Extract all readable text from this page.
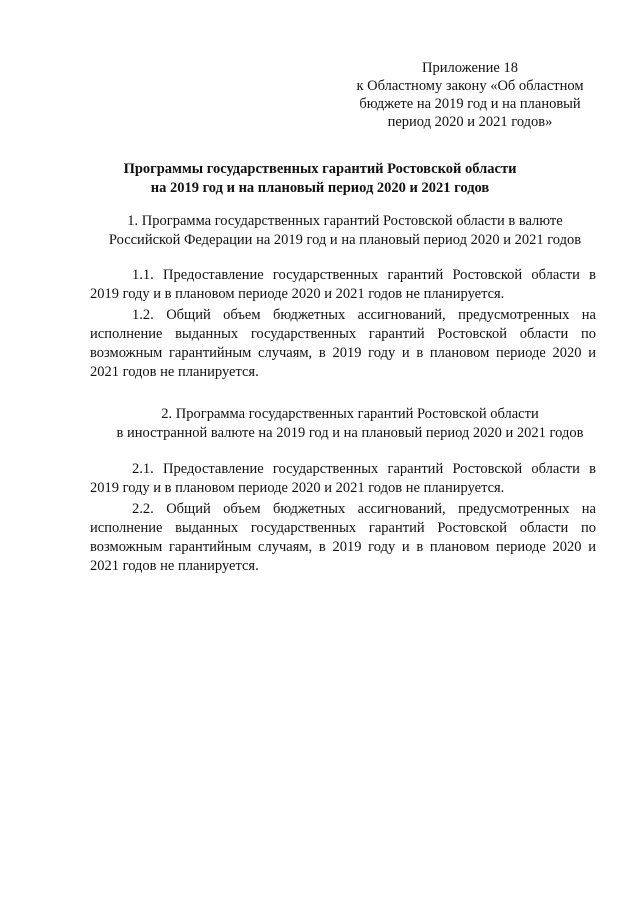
Приложение 18
к Областному закону «Об областном
бюджете на 2019 год и на плановый
период 2020 и 2021 годов»
Программы государственных гарантий Ростовской области
на 2019 год и на плановый период 2020 и 2021 годов
1. Программа государственных гарантий Ростовской области в валюте
Российской Федерации на 2019 год и на плановый период 2020 и 2021 годов
1.1. Предоставление государственных гарантий Ростовской области в
2019 году и в плановом периоде 2020 и 2021 годов не планируется.
1.2. Общий объем бюджетных ассигнований, предусмотренных на
исполнение выданных государственных гарантий Ростовской области по
возможным гарантийным случаям, в 2019 году и в плановом периоде 2020 и
2021 годов не планируется.
2. Программа государственных гарантий Ростовской области
в иностранной валюте на 2019 год и на плановый период 2020 и 2021 годов
2.1. Предоставление государственных гарантий Ростовской области в
2019 году и в плановом периоде 2020 и 2021 годов не планируется.
2.2. Общий объем бюджетных ассигнований, предусмотренных на
исполнение выданных государственных гарантий Ростовской области по
возможным гарантийным случаям, в 2019 году и в плановом периоде 2020 и
2021 годов не планируется.
